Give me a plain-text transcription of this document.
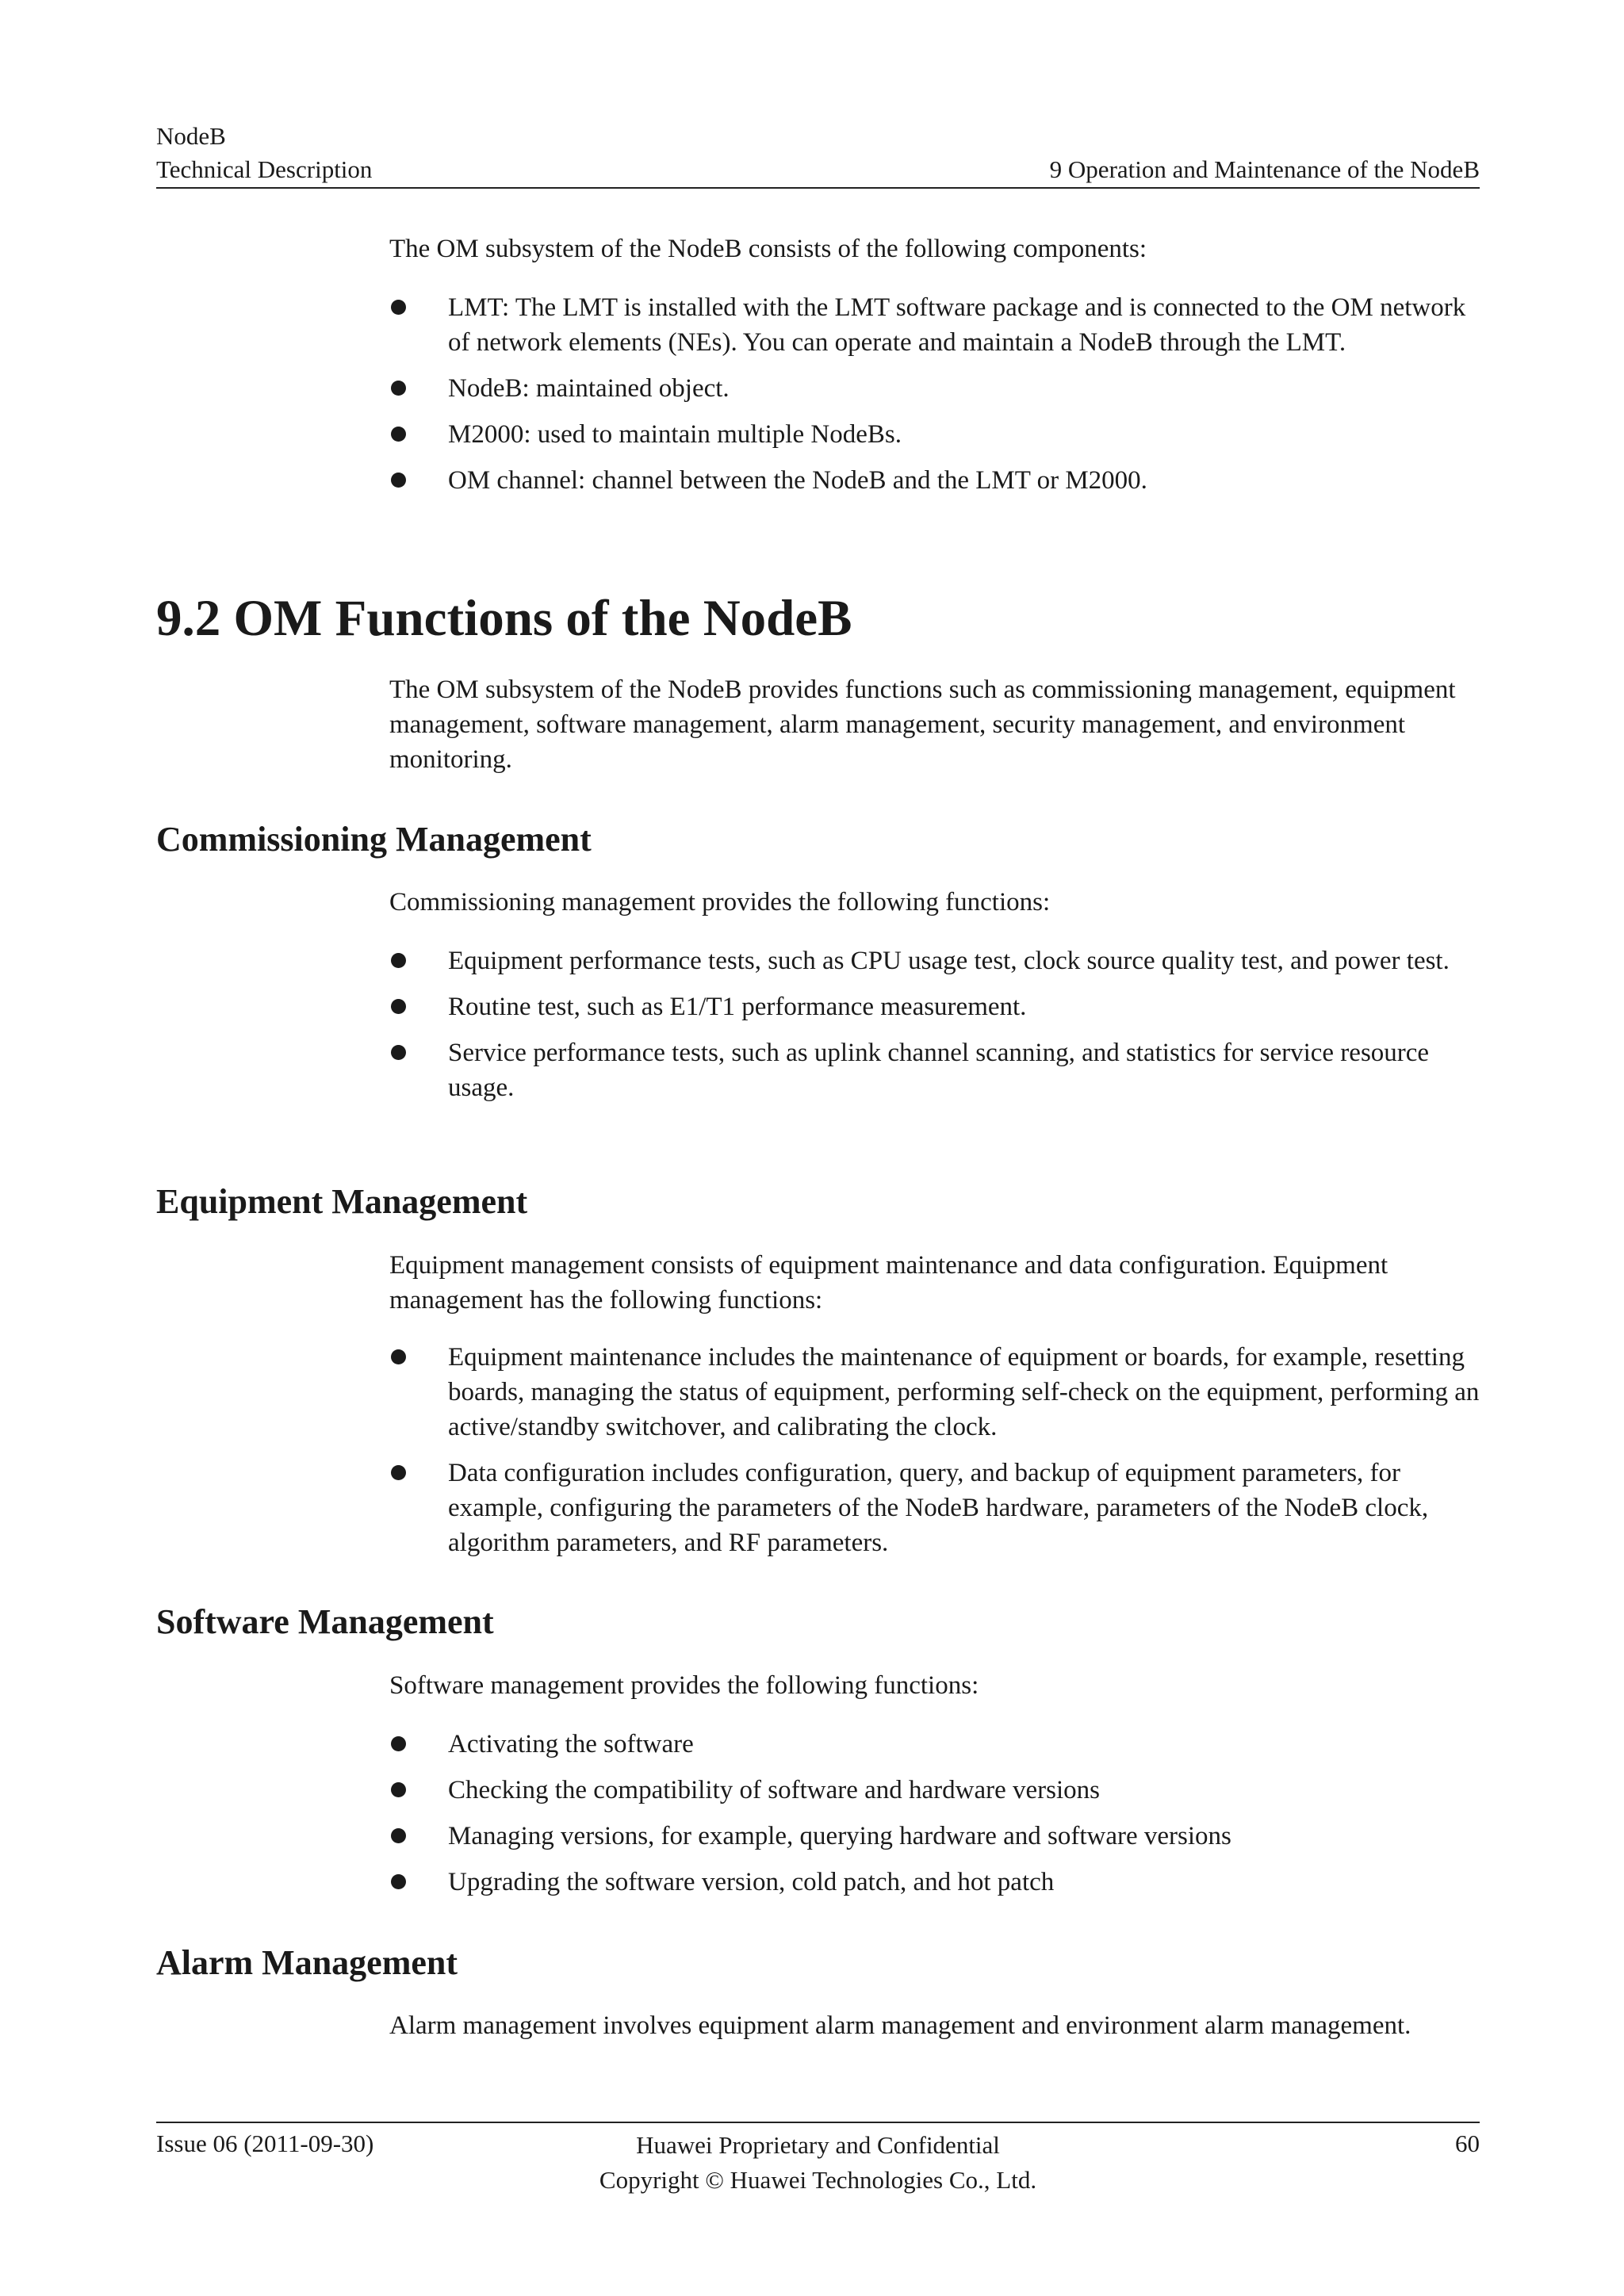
NodeB
Technical Description	9 Operation and Maintenance of the NodeB

The OM subsystem of the NodeB consists of the following components:

LMT: The LMT is installed with the LMT software package and is connected to the OM network of network elements (NEs). You can operate and maintain a NodeB through the LMT.
NodeB: maintained object.
M2000: used to maintain multiple NodeBs.
OM channel: channel between the NodeB and the LMT or M2000.
9.2 OM Functions of the NodeB

The OM subsystem of the NodeB provides functions such as commissioning management, equipment management, software management, alarm management, security management, and environment monitoring.

Commissioning Management

Commissioning management provides the following functions:

Equipment performance tests, such as CPU usage test, clock source quality test, and power test.
Routine test, such as E1/T1 performance measurement.
Service performance tests, such as uplink channel scanning, and statistics for service resource usage.
Equipment Management

Equipment management consists of equipment maintenance and data configuration. Equipment management has the following functions:

Equipment maintenance includes the maintenance of equipment or boards, for example, resetting boards, managing the status of equipment, performing self-check on the equipment, performing an active/standby switchover, and calibrating the clock.
Data configuration includes configuration, query, and backup of equipment parameters, for example, configuring the parameters of the NodeB hardware, parameters of the NodeB clock, algorithm parameters, and RF parameters.
Software Management

Software management provides the following functions:

Activating the software
Checking the compatibility of software and hardware versions
Managing versions, for example, querying hardware and software versions
Upgrading the software version, cold patch, and hot patch
Alarm Management

Alarm management involves equipment alarm management and environment alarm management.

Issue 06 (2011-09-30)	Huawei Proprietary and Confidential
Copyright © Huawei Technologies Co., Ltd.
60
